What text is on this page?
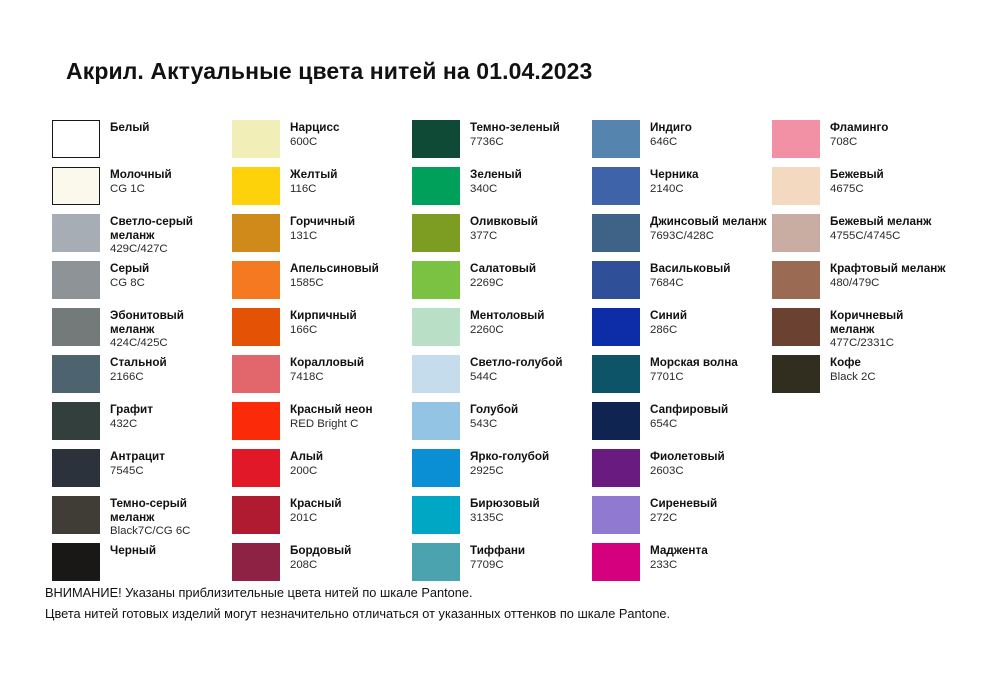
Акрил. Актуальные цвета нитей на 01.04.2023
Белый
Молочный
CG 1C
Светло-серый меланж
429C/427C
Серый
CG 8C
Эбонитовый меланж
424C/425C
Стальной
2166C
Графит
432C
Антрацит
7545C
Темно-серый меланж
Black7C/CG 6C
Черный
Нарцисс
600C
Желтый
116C
Горчичный
131C
Апельсиновый
1585C
Кирпичный
166C
Коралловый
7418C
Красный неон
RED Bright C
Алый
200C
Красный
201C
Бордовый
208C
Темно-зеленый
7736C
Зеленый
340C
Оливковый
377C
Салатовый
2269C
Ментоловый
2260C
Светло-голубой
544C
Голубой
543C
Ярко-голубой
2925C
Бирюзовый
3135C
Тиффани
7709C
Индиго
646C
Черника
2140C
Джинсовый меланж
7693C/428C
Васильковый
7684C
Синий
286C
Морская волна
7701C
Сапфировый
654C
Фиолетовый
2603C
Сиреневый
272C
Маджента
233C
Фламинго
708C
Бежевый
4675C
Бежевый меланж
4755C/4745C
Крафтовый меланж
480/479C
Коричневый меланж
477C/2331C
Кофе
Black 2C
ВНИМАНИЕ! Указаны приблизительные цвета нитей по шкале Pantone.
Цвета нитей готовых изделий могут незначительно отличаться от указанных оттенков по шкале Pantone.
